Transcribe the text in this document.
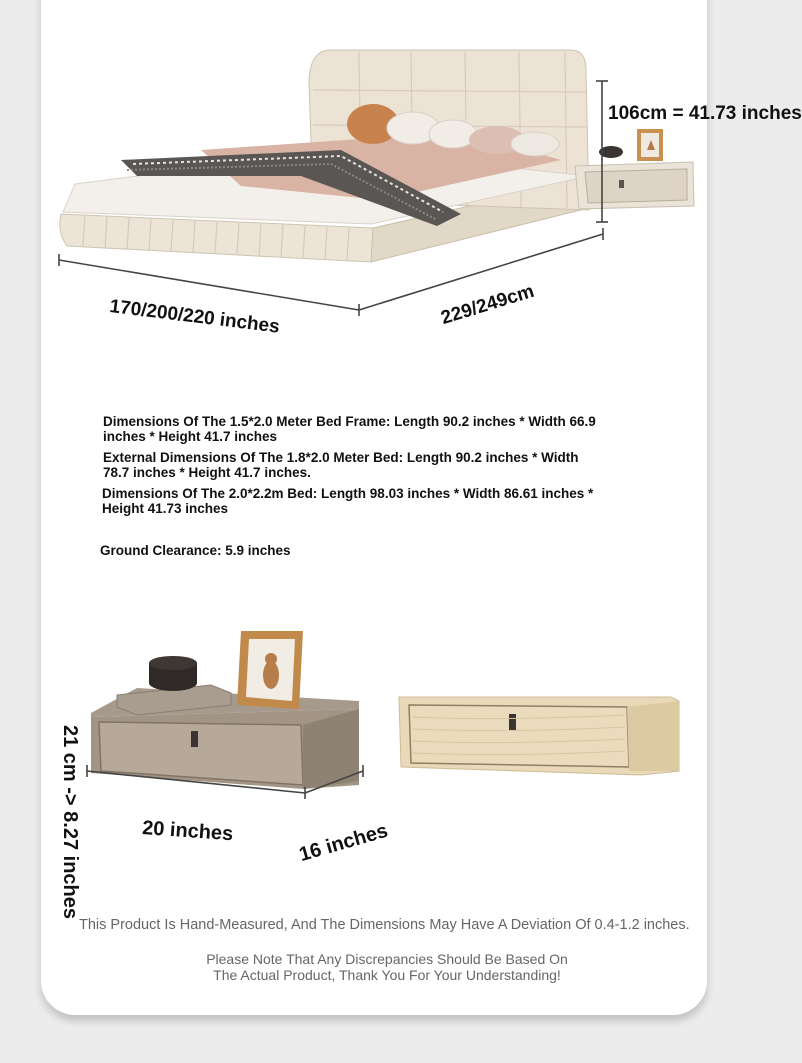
106cm = 41.73 inches
170/200/220 inches	229/249cm
Dimensions Of The 1.5*2.0 Meter Bed Frame: Length 90.2 inches * Width 66.9 inches * Height 41.7 inches
External Dimensions Of The 1.8*2.0 Meter Bed: Length 90.2 inches * Width 78.7 inches * Height 41.7 inches.
Dimensions Of The 2.0*2.2m Bed: Length 98.03 inches * Width 86.61 inches * Height 41.73 inches
Ground Clearance: 5.9 inches
21 cm -> 8.27 inches	20 inches	16 inches
This Product Is Hand-Measured, And The Dimensions May Have A Deviation Of 0.4-1.2 inches.
Please Note That Any Discrepancies Should Be Based On
The Actual Product, Thank You For Your Understanding!
